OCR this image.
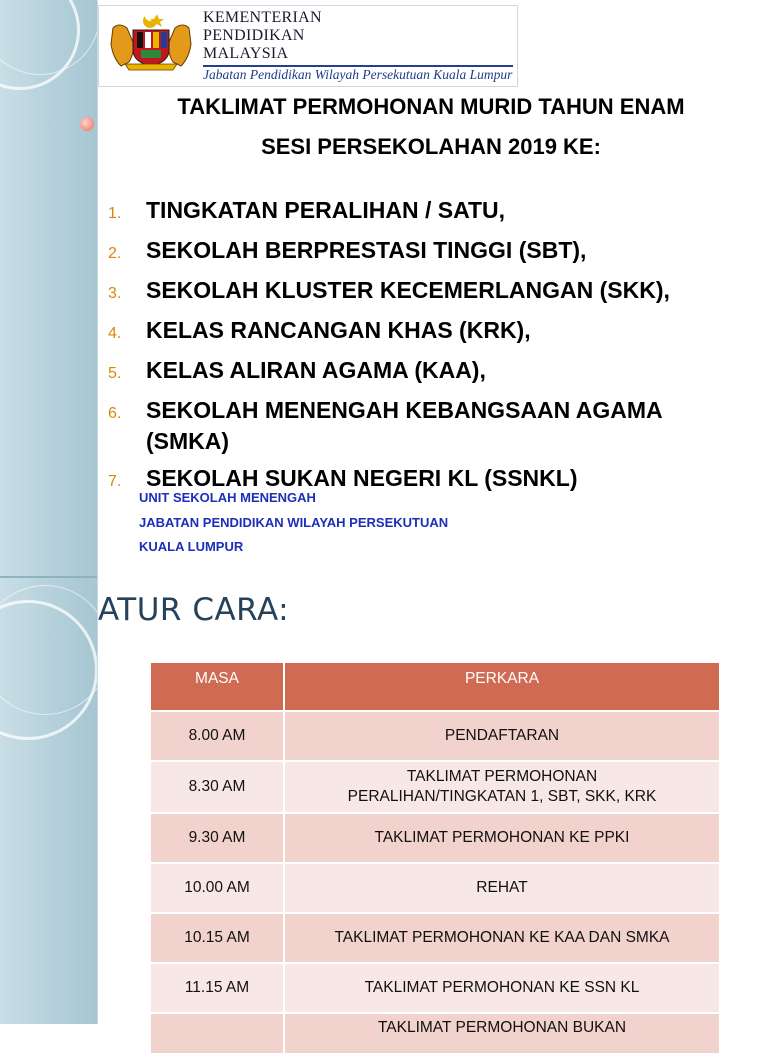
KEMENTERIAN
PENDIDIKAN
MALAYSIA
Jabatan Pendidikan Wilayah Persekutuan Kuala Lumpur
TAKLIMAT PERMOHONAN MURID TAHUN ENAM
SESI PERSEKOLAHAN 2019 KE:
1.	TINGKATAN PERALIHAN / SATU,
2.	SEKOLAH BERPRESTASI TINGGI (SBT),
3.	SEKOLAH KLUSTER KECEMERLANGAN (SKK),
4.	KELAS RANCANGAN KHAS (KRK),
5.	KELAS ALIRAN AGAMA (KAA),
6.	SEKOLAH MENENGAH KEBANGSAAN AGAMA (SMKA)
7.	SEKOLAH SUKAN NEGERI KL (SSNKL)
UNIT SEKOLAH MENENGAH
JABATAN PENDIDIKAN WILAYAH PERSEKUTUAN
KUALA LUMPUR
ATUR CARA:
MASA	PERKARA
8.00 AM	PENDAFTARAN
8.30 AM	TAKLIMAT PERMOHONAN PERALIHAN/TINGKATAN 1, SBT, SKK, KRK
9.30 AM	TAKLIMAT PERMOHONAN KE PPKI
10.00 AM	REHAT
10.15 AM	TAKLIMAT PERMOHONAN KE KAA DAN SMKA
11.15 AM	TAKLIMAT PERMOHONAN KE SSN KL
	TAKLIMAT PERMOHONAN BUKAN
